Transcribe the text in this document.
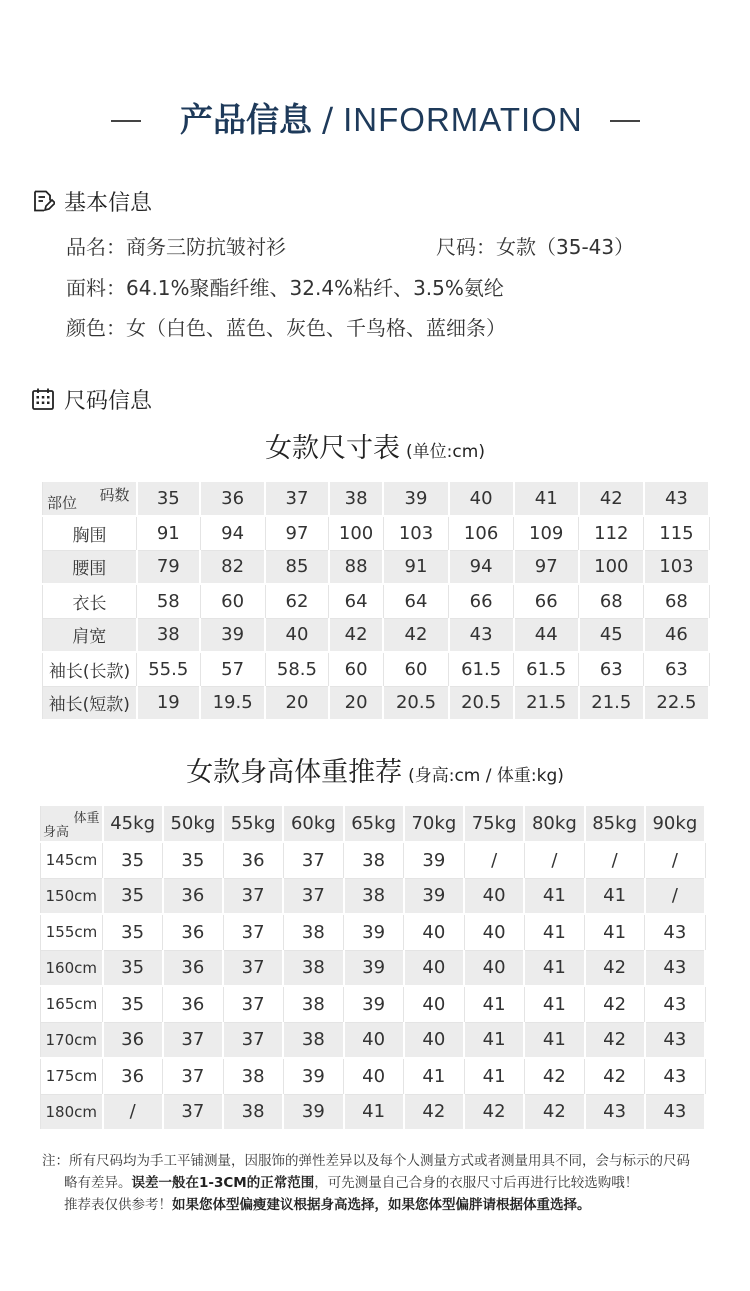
产品信息 / INFORMATION
基本信息
品名：商务三防抗皱衬衫	尺码：女款（35-43）
面料：64.1%聚酯纤维、32.4%粘纤、3.5%氨纶
颜色：女（白色、蓝色、灰色、千鸟格、蓝细条）
尺码信息
女款尺寸表 (单位:cm)
码数
部位	35	36	37	38	39	40	41	42	43
胸围	91	94	97	100	103	106	109	112	115
腰围	79	82	85	88	91	94	97	100	103
衣长	58	60	62	64	64	66	66	68	68
肩宽	38	39	40	42	42	43	44	45	46
袖长(长款)	55.5	57	58.5	60	60	61.5	61.5	63	63
袖长(短款)	19	19.5	20	20	20.5	20.5	21.5	21.5	22.5
女款身高体重推荐 (身高:cm / 体重:kg)
体重
身高	45kg	50kg	55kg	60kg	65kg	70kg	75kg	80kg	85kg	90kg
145cm	35	35	36	37	38	39	/	/	/	/
150cm	35	36	37	37	38	39	40	41	41	/
155cm	35	36	37	38	39	40	40	41	41	43
160cm	35	36	37	38	39	40	40	41	42	43
165cm	35	36	37	38	39	40	41	41	42	43
170cm	36	37	37	38	40	40	41	41	42	43
175cm	36	37	38	39	40	41	41	42	42	43
180cm	/	37	38	39	41	42	42	42	43	43
注：所有尺码均为手工平铺测量，因服饰的弹性差异以及每个人测量方式或者测量用具不同，会与标示的尺码
略有差异。误差一般在1-3CM的正常范围，可先测量自己合身的衣服尺寸后再进行比较选购哦！
推荐表仅供参考！如果您体型偏瘦建议根据身高选择，如果您体型偏胖请根据体重选择。
